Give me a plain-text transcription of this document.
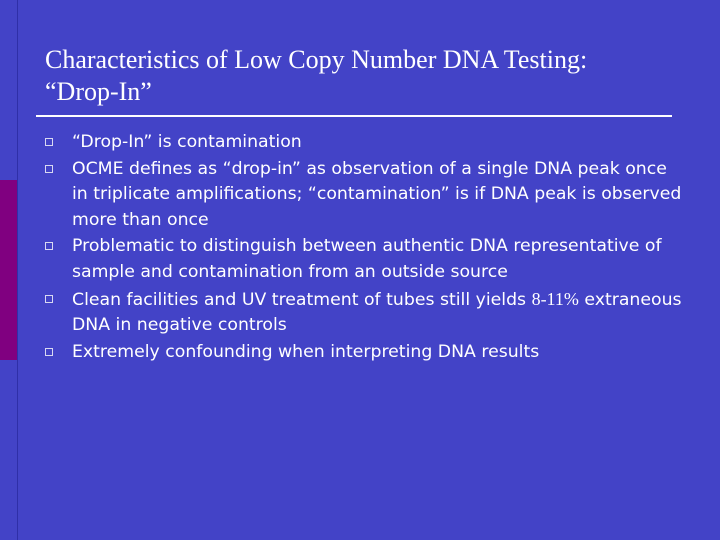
Characteristics of Low Copy Number DNA Testing:
“Drop-In”
“Drop-In” is contamination
OCME defines as “drop-in” as observation of a single DNA peak once in triplicate amplifications; “contamination” is if DNA peak is observed more than once
Problematic to distinguish between authentic DNA representative of sample and contamination from an outside source
Clean facilities and UV treatment of tubes still yields 8-11% extraneous DNA in negative controls
Extremely confounding when interpreting DNA results
